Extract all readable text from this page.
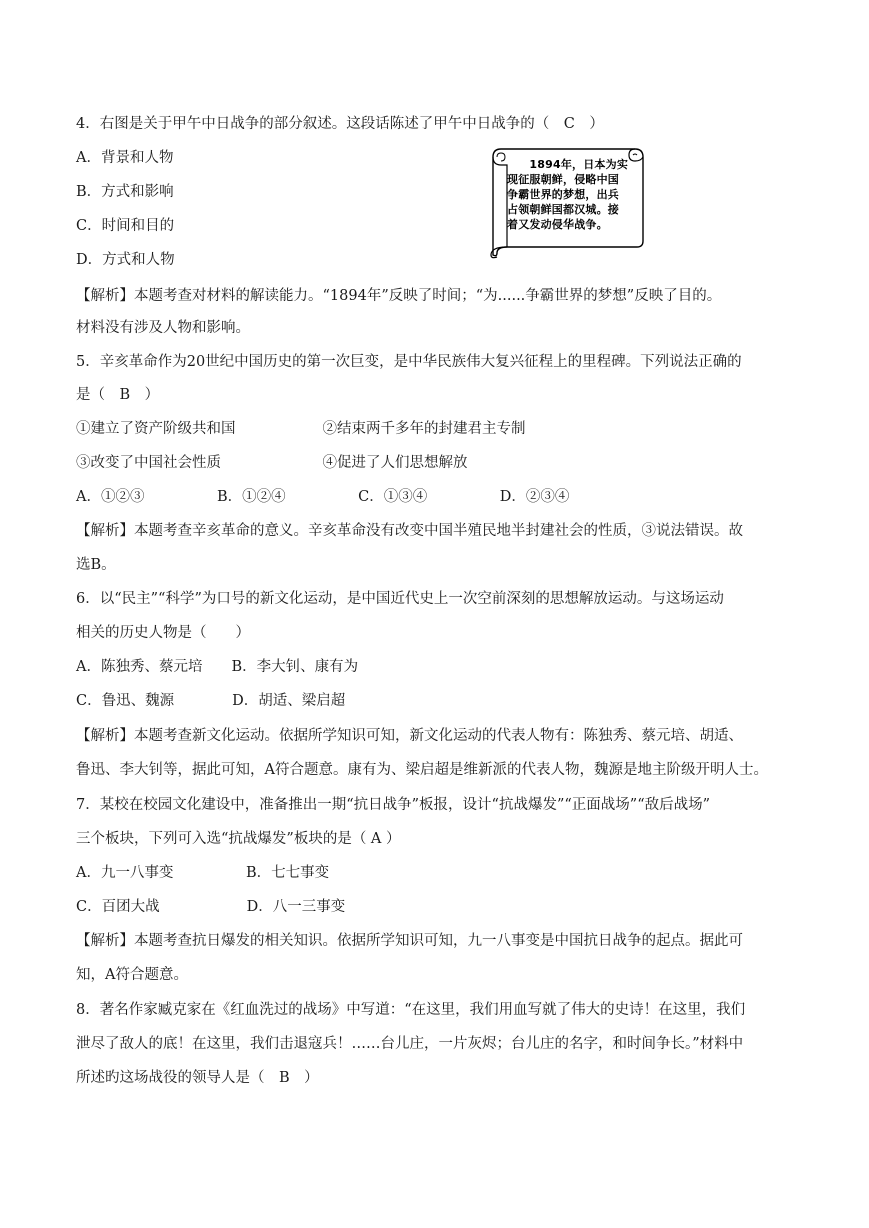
4．右图是关于甲午中日战争的部分叙述。这段话陈述了甲午中日战争的（　C　）
A．背景和人物
B．方式和影响
C．时间和目的
D．方式和人物
【解析】本题考查对材料的解读能力。“1894年”反映了时间；“为......争霸世界的梦想”反映了目的。
材料没有涉及人物和影响。
5．辛亥革命作为20世纪中国历史的第一次巨变，是中华民族伟大复兴征程上的里程碑。下列说法正确的
是（　B　）
①建立了资产阶级共和国　　　　　　②结束两千多年的封建君主专制
③改变了中国社会性质　　　　　　　④促进了人们思想解放
A．①②③　　　　　B．①②④　　　　　C．①③④　　　　　D．②③④
【解析】本题考查辛亥革命的意义。辛亥革命没有改变中国半殖民地半封建社会的性质，③说法错误。故
选B。
6．以“民主”“科学”为口号的新文化运动，是中国近代史上一次空前深刻的思想解放运动。与这场运动
相关的历史人物是（　　）
A．陈独秀、蔡元培　　B．李大钊、康有为
C．鲁迅、魏源　　　　D．胡适、梁启超
【解析】本题考查新文化运动。依据所学知识可知，新文化运动的代表人物有：陈独秀、蔡元培、胡适、
鲁迅、李大钊等，据此可知，A符合题意。康有为、梁启超是维新派的代表人物，魏源是地主阶级开明人士。
7．某校在校园文化建设中，准备推出一期“抗日战争”板报，设计“抗战爆发”“正面战场”“敌后战场”
三个板块，下列可入选“抗战爆发”板块的是（ A ）
A．九一八事变　　　　　B．七七事变
C．百团大战　　　　　　D．八一三事变
【解析】本题考查抗日爆发的相关知识。依据所学知识可知，九一八事变是中国抗日战争的起点。据此可
知，A符合题意。
8．著名作家臧克家在《红血洗过的战场》中写道：“在这里，我们用血写就了伟大的史诗！在这里，我们
泄尽了敌人的底！在这里，我们击退寇兵！……台儿庄，一片灰烬；台儿庄的名字，和时间争长。”材料中
所述旳这场战役的领导人是（　B　）
　　1894年，日本为实
现征服朝鲜，侵略中国
争霸世界的梦想，出兵
占领朝鲜国都汉城。接
着又发动侵华战争。
